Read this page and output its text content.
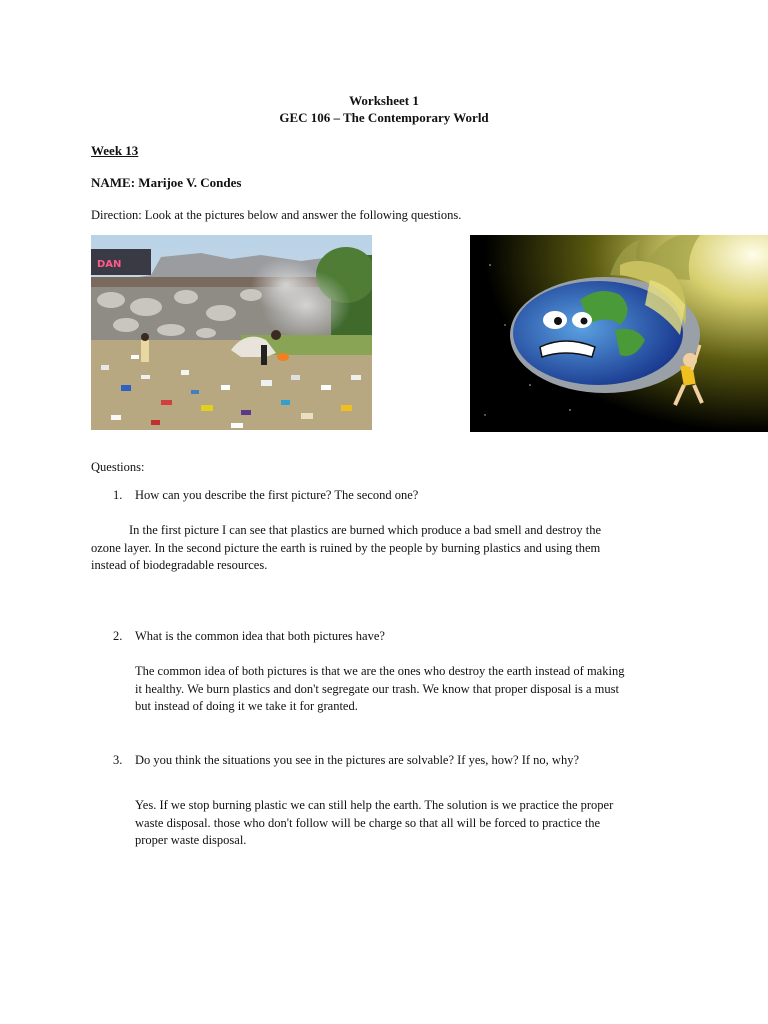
Worksheet 1
GEC 106 – The Contemporary World
Week 13
NAME: Marijoe V. Condes
Direction: Look at the pictures below and answer the following questions.
DAN
Questions:
1. How can you describe the first picture? The second one?
In the first picture I can see that plastics are burned which produce a bad smell and destroy the
ozone layer. In the second picture the earth is ruined by the people by burning plastics and using them
instead of biodegradable resources.
2. What is the common idea that both pictures have?
The common idea of both pictures is that we are the ones who destroy the earth instead of making
it healthy. We burn plastics and don't segregate our trash. We know that proper disposal is a must
but instead of doing it we take it for granted.
3. Do you think the situations you see in the pictures are solvable? If yes, how? If no, why?
Yes. If we stop burning plastic we can still help the earth. The solution is we practice the proper
waste disposal. those who don't follow will be charge so that all will be forced to practice the
proper waste disposal.
